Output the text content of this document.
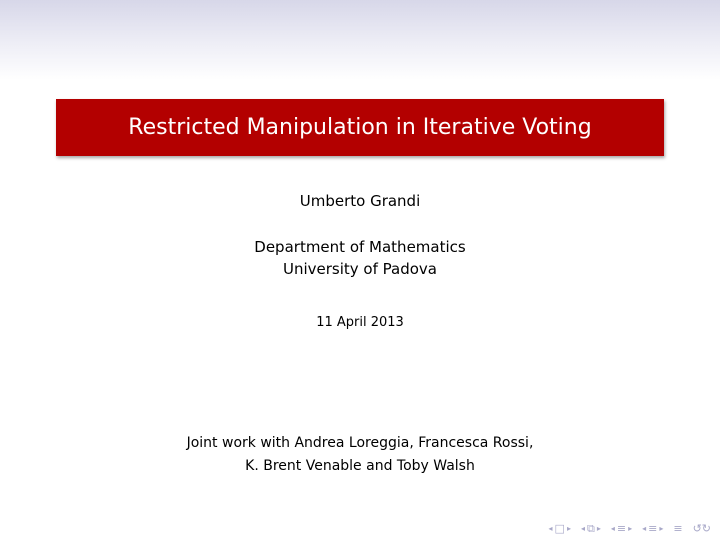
Restricted Manipulation in Iterative Voting
Umberto Grandi
Department of Mathematics
University of Padova
11 April 2013
Joint work with Andrea Loreggia, Francesca Rossi,
K. Brent Venable and Toby Walsh
◂ □ ▸ ◂ ⧉ ▸ ◂ ≡ ▸ ◂ ≡ ▸ ≡ ↺↻
